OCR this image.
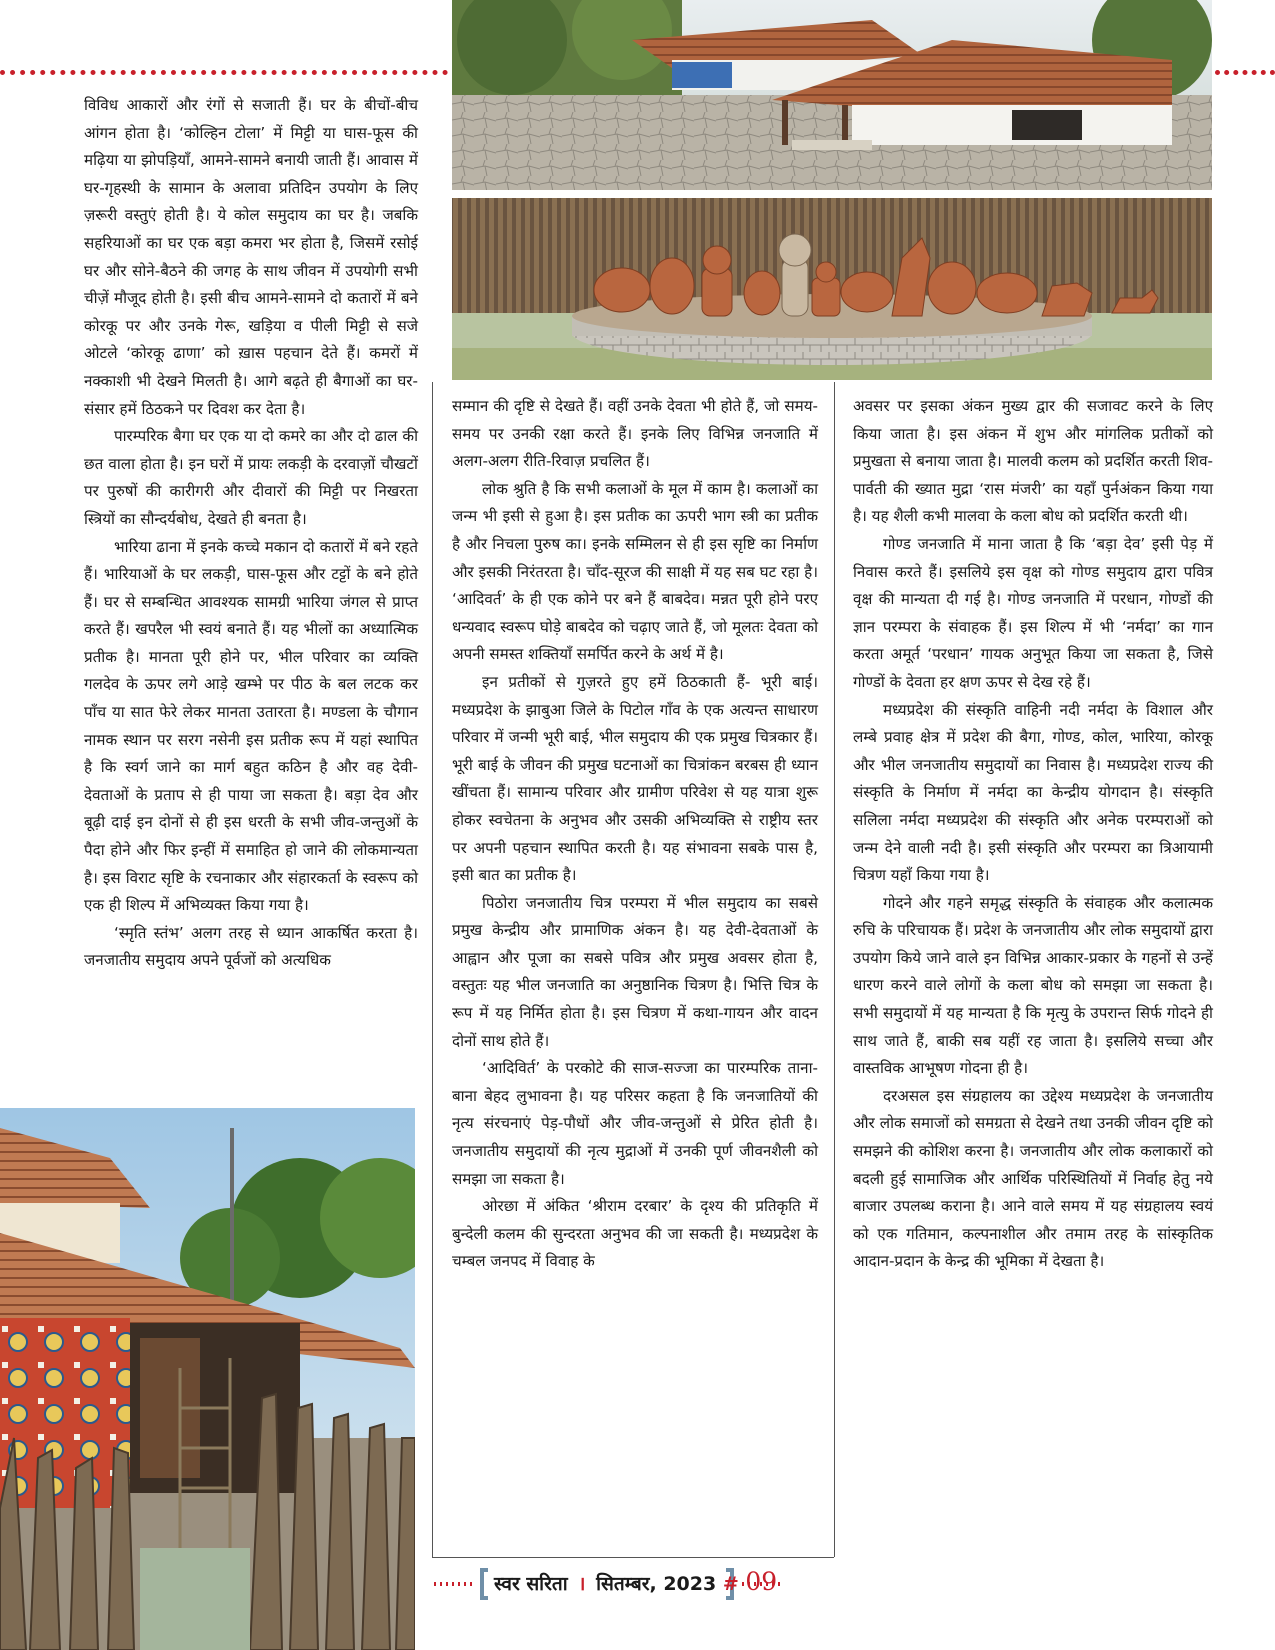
विविध आकारों और रंगों से सजाती हैं। घर के बीचों-बीच आंगन होता है। ‘कोल्हिन टोला’ में मिट्टी या घास-फूस की मढ़िया या झोपड़ियाँ, आमने-सामने बनायी जाती हैं। आवास में घर-गृहस्थी के सामान के अलावा प्रतिदिन उपयोग के लिए ज़रूरी वस्तुएं होती है। ये कोल समुदाय का घर है। जबकि सहरियाओं का घर एक बड़ा कमरा भर होता है, जिसमें रसोई घर और सोने-बैठने की जगह के साथ जीवन में उपयोगी सभी चीज़ें मौजूद होती है। इसी बीच आमने-सामने दो कतारों में बने कोरकू पर और उनके गेरू, खड़िया व पीली मिट्टी से सजे ओटले ‘कोरकू ढाणा’ को ख़ास पहचान देते हैं। कमरों में नक्काशी भी देखने मिलती है। आगे बढ़ते ही बैगाओं का घर-संसार हमें ठिठकने पर दिवश कर देता है।

पारम्परिक बैगा घर एक या दो कमरे का और दो ढाल की छत वाला होता है। इन घरों में प्रायः लकड़ी के दरवाज़ों चौखटों पर पुरुषों की कारीगरी और दीवारों की मिट्टी पर निखरता स्त्रियों का सौन्दर्यबोध, देखते ही बनता है।

भारिया ढाना में इनके कच्चे मकान दो कतारों में बने रहते हैं। भारियाओं के घर लकड़ी, घास-फूस और टट्टों के बने होते हैं। घर से सम्बन्धित आवश्यक सामग्री भारिया जंगल से प्राप्त करते हैं। खपरैल भी स्वयं बनाते हैं। यह भीलों का अध्यात्मिक प्रतीक है। मानता पूरी होने पर, भील परिवार का व्यक्ति गलदेव के ऊपर लगे आड़े खम्भे पर पीठ के बल लटक कर पाँच या सात फेरे लेकर मानता उतारता है। मण्डला के चौगान नामक स्थान पर सरग नसेनी इस प्रतीक रूप में यहां स्थापित है कि स्वर्ग जाने का मार्ग बहुत कठिन है और वह देवी-देवताओं के प्रताप से ही पाया जा सकता है। बड़ा देव और बूढ़ी दाई इन दोनों से ही इस धरती के सभी जीव-जन्तुओं के पैदा होने और फिर इन्हीं में समाहित हो जाने की लोकमान्यता है। इस विराट सृष्टि के रचनाकार और संहारकर्ता के स्वरूप को एक ही शिल्प में अभिव्यक्त किया गया है।

‘स्मृति स्तंभ’ अलग तरह से ध्यान आकर्षित करता है। जनजातीय समुदाय अपने पूर्वजों को अत्यधिक

सम्मान की दृष्टि से देखते हैं। वहीं उनके देवता भी होते हैं, जो समय-समय पर उनकी रक्षा करते हैं। इनके लिए विभिन्न जनजाति में अलग-अलग रीति-रिवाज़ प्रचलित हैं।

लोक श्रुति है कि सभी कलाओं के मूल में काम है। कलाओं का जन्म भी इसी से हुआ है। इस प्रतीक का ऊपरी भाग स्त्री का प्रतीक है और निचला पुरुष का। इनके सम्मिलन से ही इस सृष्टि का निर्माण और इसकी निरंतरता है। चाँद-सूरज की साक्षी में यह सब घट रहा है। ‘आदिवर्त’ के ही एक कोने पर बने हैं बाबदेव। मन्नत पूरी होने परए धन्यवाद स्वरूप घोड़े बाबदेव को चढ़ाए जाते हैं, जो मूलतः देवता को अपनी समस्त शक्तियाँ समर्पित करने के अर्थ में है।

इन प्रतीकों से गुज़रते हुए हमें ठिठकाती हैं- भूरी बाई। मध्यप्रदेश के झाबुआ जिले के पिटोल गाँव के एक अत्यन्त साधारण परिवार में जन्मी भूरी बाई, भील समुदाय की एक प्रमुख चित्रकार हैं। भूरी बाई के जीवन की प्रमुख घटनाओं का चित्रांकन बरबस ही ध्यान खींचता हैं। सामान्य परिवार और ग्रामीण परिवेश से यह यात्रा शुरू होकर स्वचेतना के अनुभव और उसकी अभिव्यक्ति से राष्ट्रीय स्तर पर अपनी पहचान स्थापित करती है। यह संभावना सबके पास है, इसी बात का प्रतीक है।

पिठोरा जनजातीय चित्र परम्परा में भील समुदाय का सबसे प्रमुख केन्द्रीय और प्रामाणिक अंकन है। यह देवी-देवताओं के आह्वान और पूजा का सबसे पवित्र और प्रमुख अवसर होता है, वस्तुतः यह भील जनजाति का अनुष्ठानिक चित्रण है। भित्ति चित्र के रूप में यह निर्मित होता है। इस चित्रण में कथा-गायन और वादन दोनों साथ होते हैं।

‘आदिविर्त’ के परकोटे की साज-सज्जा का पारम्परिक ताना-बाना बेहद लुभावना है। यह परिसर कहता है कि जनजातियों की नृत्य संरचनाएं पेड़-पौधों और जीव-जन्तुओं से प्रेरित होती है। जनजातीय समुदायों की नृत्य मुद्राओं में उनकी पूर्ण जीवनशैली को समझा जा सकता है।

ओरछा में अंकित ‘श्रीराम दरबार’ के दृश्य की प्रतिकृति में बुन्देली कलम की सुन्दरता अनुभव की जा सकती है। मध्यप्रदेश के चम्बल जनपद में विवाह के

अवसर पर इसका अंकन मुख्य द्वार की सजावट करने के लिए किया जाता है। इस अंकन में शुभ और मांगलिक प्रतीकों को प्रमुखता से बनाया जाता है। मालवी कलम को प्रदर्शित करती शिव-पार्वती की ख्यात मुद्रा ‘रास मंजरी’ का यहाँ पुर्नअंकन किया गया है। यह शैली कभी मालवा के कला बोध को प्रदर्शित करती थी।

गोण्ड जनजाति में माना जाता है कि ‘बड़ा देव’ इसी पेड़ में निवास करते हैं। इसलिये इस वृक्ष को गोण्ड समुदाय द्वारा पवित्र वृक्ष की मान्यता दी गई है। गोण्ड जनजाति में परधान, गोण्डों की ज्ञान परम्परा के संवाहक हैं। इस शिल्प में भी ‘नर्मदा’ का गान करता अमूर्त ‘परधान’ गायक अनुभूत किया जा सकता है, जिसे गोण्डों के देवता हर क्षण ऊपर से देख रहे हैं।

मध्यप्रदेश की संस्कृति वाहिनी नदी नर्मदा के विशाल और लम्बे प्रवाह क्षेत्र में प्रदेश की बैगा, गोण्ड, कोल, भारिया, कोरकू और भील जनजातीय समुदायों का निवास है। मध्यप्रदेश राज्य की संस्कृति के निर्माण में नर्मदा का केन्द्रीय योगदान है। संस्कृति सलिला नर्मदा मध्यप्रदेश की संस्कृति और अनेक परम्पराओं को जन्म देने वाली नदी है। इसी संस्कृति और परम्परा का त्रिआयामी चित्रण यहाँ किया गया है।

गोदने और गहने समृद्ध संस्कृति के संवाहक और कलात्मक रुचि के परिचायक हैं। प्रदेश के जनजातीय और लोक समुदायों द्वारा उपयोग किये जाने वाले इन विभिन्न आकार-प्रकार के गहनों से उन्हें धारण करने वाले लोगों के कला बोध को समझा जा सकता है। सभी समुदायों में यह मान्यता है कि मृत्यु के उपरान्त सिर्फ गोदने ही साथ जाते हैं, बाकी सब यहीं रह जाता है। इसलिये सच्चा और वास्तविक आभूषण गोदना ही है।

दरअसल इस संग्रहालय का उद्देश्य मध्यप्रदेश के जनजातीय और लोक समाजों को समग्रता से देखने तथा उनकी जीवन दृष्टि को समझने की कोशिश करना है। जनजातीय और लोक कलाकारों को बदली हुई सामाजिक और आर्थिक परिस्थितियों में निर्वाह हेतु नये बाजार उपलब्ध कराना है। आने वाले समय में यह संग्रहालय स्वयं को एक गतिमान, कल्पनाशील और तमाम तरह के सांस्कृतिक आदान-प्रदान के केन्द्र की भूमिका में देखता है।

स्वर सरिता । सितम्बर, 2023 # 09
